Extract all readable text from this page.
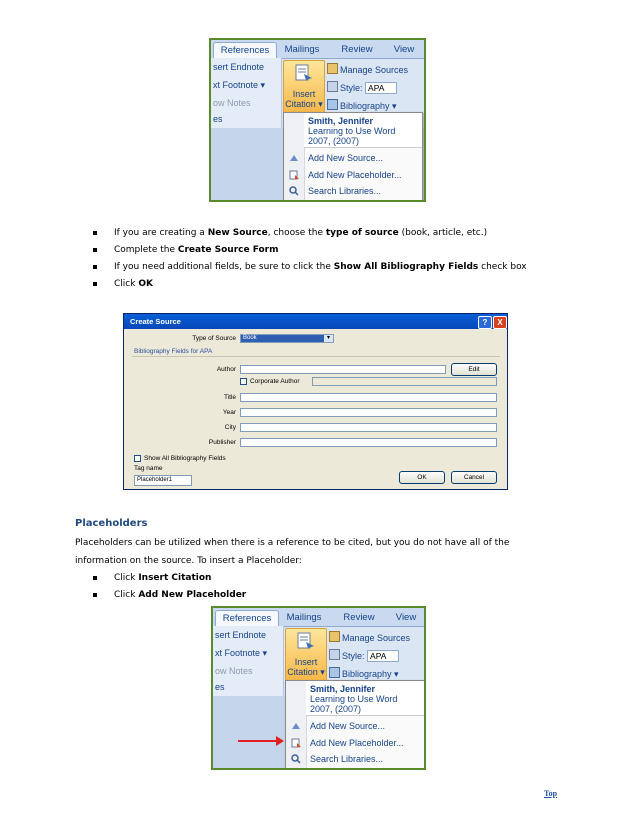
References	Mailings	Review	View
sert Endnote
xt Footnote ▾
ow Notes
es
Insert
Citation ▾
Manage Sources
Style: APA
Bibliography ▾
Smith, Jennifer
Learning to Use Word
2007, (2007)
Add New Source...
Add New Placeholder...
Search Libraries...
If you are creating a New Source, choose the type of source (book, article, etc.)
Complete the Create Source Form
If you need additional fields, be sure to click the Show All Bibliography Fields check box
Click OK
Create Source	?	X
Type of Source	Book	▾
Bibliography Fields for APA
Author	Edit
Corporate Author
Title
Year
City
Publisher
Show All Bibliography Fields
Tag name
Placeholder1	OK	Cancel
Placeholders
Placeholders can be utilized when there is a reference to be cited, but you do not have all of the
information on the source. To insert a Placeholder:
Click Insert Citation
Click Add New Placeholder
References	Mailings	Review	View
sert Endnote
xt Footnote ▾
ow Notes
es
Insert
Citation ▾
Manage Sources
Style: APA
Bibliography ▾
Smith, Jennifer
Learning to Use Word
2007, (2007)
Add New Source...
Add New Placeholder...
Search Libraries...
Top
